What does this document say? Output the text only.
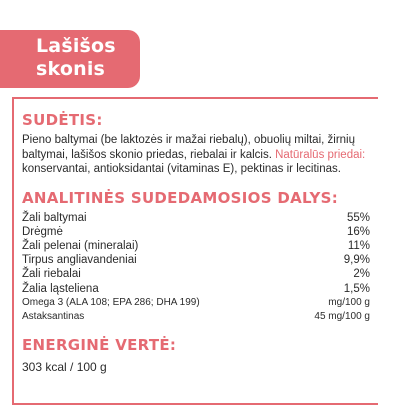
Lašišos
skonis
SUDĖTIS:

Pieno baltymai (be laktozės ir mažai riebalų), obuolių miltai, žirnių baltymai, lašišos skonio priedas, riebalai ir kalcis. Natūralūs priedai: konservantai, antioksidantai (vitaminas E), pektinas ir lecitinas.

ANALITINĖS SUDEDAMOSIOS DALYS:
Žali baltymai	55%
Drėgmė	16%
Žali pelenai (mineralai)	11%
Tirpus angliavandeniai	9,9%
Žali riebalai	2%
Žalia ląsteliena	1,5%
Omega 3 (ALA 108; EPA 286; DHA 199)	mg/100 g
Astaksantinas	45 mg/100 g
ENERGINĖ VERTĖ:
303 kcal / 100 g
